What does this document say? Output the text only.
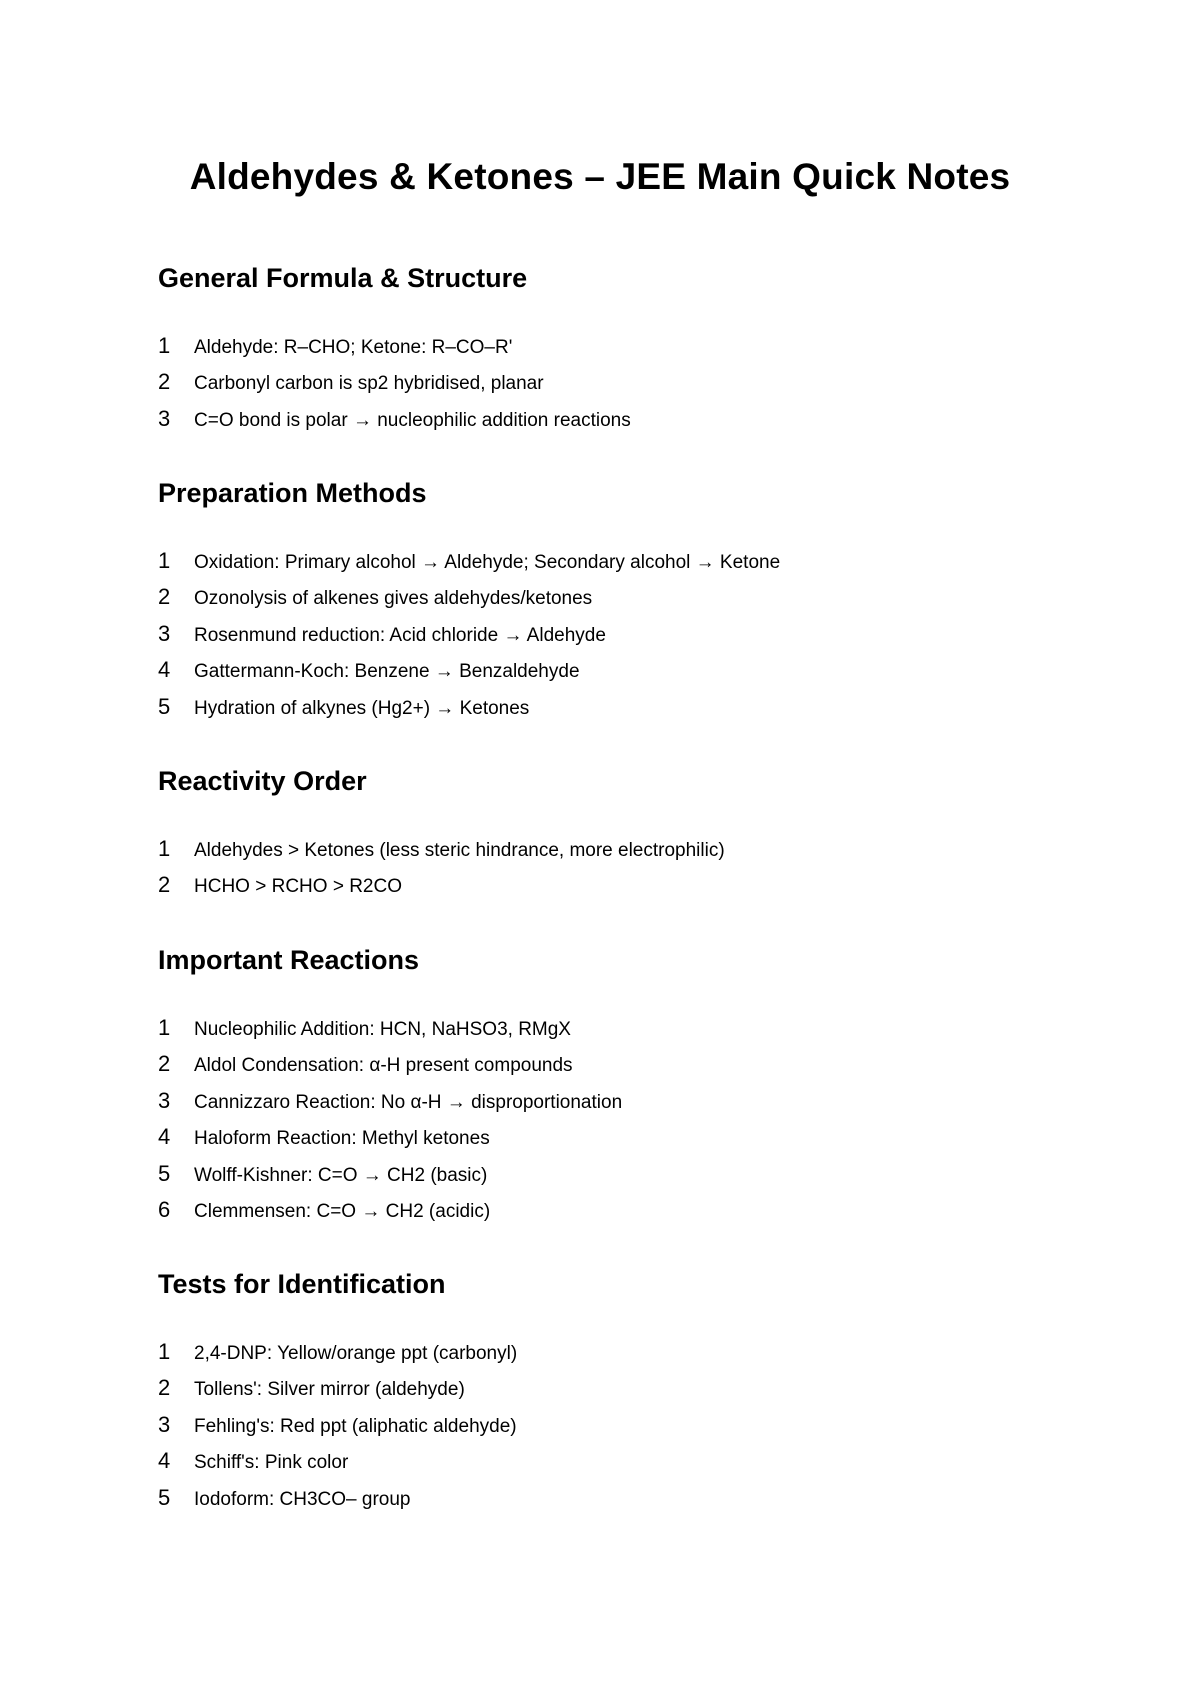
Aldehydes & Ketones – JEE Main Quick Notes
General Formula & Structure
1	Aldehyde: R–CHO; Ketone: R–CO–R'
2	Carbonyl carbon is sp2 hybridised, planar
3	C=O bond is polar → nucleophilic addition reactions
Preparation Methods
1	Oxidation: Primary alcohol → Aldehyde; Secondary alcohol → Ketone
2	Ozonolysis of alkenes gives aldehydes/ketones
3	Rosenmund reduction: Acid chloride → Aldehyde
4	Gattermann-Koch: Benzene → Benzaldehyde
5	Hydration of alkynes (Hg2+) → Ketones
Reactivity Order
1	Aldehydes > Ketones (less steric hindrance, more electrophilic)
2	HCHO > RCHO > R2CO
Important Reactions
1	Nucleophilic Addition: HCN, NaHSO3, RMgX
2	Aldol Condensation: α-H present compounds
3	Cannizzaro Reaction: No α-H → disproportionation
4	Haloform Reaction: Methyl ketones
5	Wolff-Kishner: C=O → CH2 (basic)
6	Clemmensen: C=O → CH2 (acidic)
Tests for Identification
1	2,4-DNP: Yellow/orange ppt (carbonyl)
2	Tollens': Silver mirror (aldehyde)
3	Fehling's: Red ppt (aliphatic aldehyde)
4	Schiff's: Pink color
5	Iodoform: CH3CO– group
